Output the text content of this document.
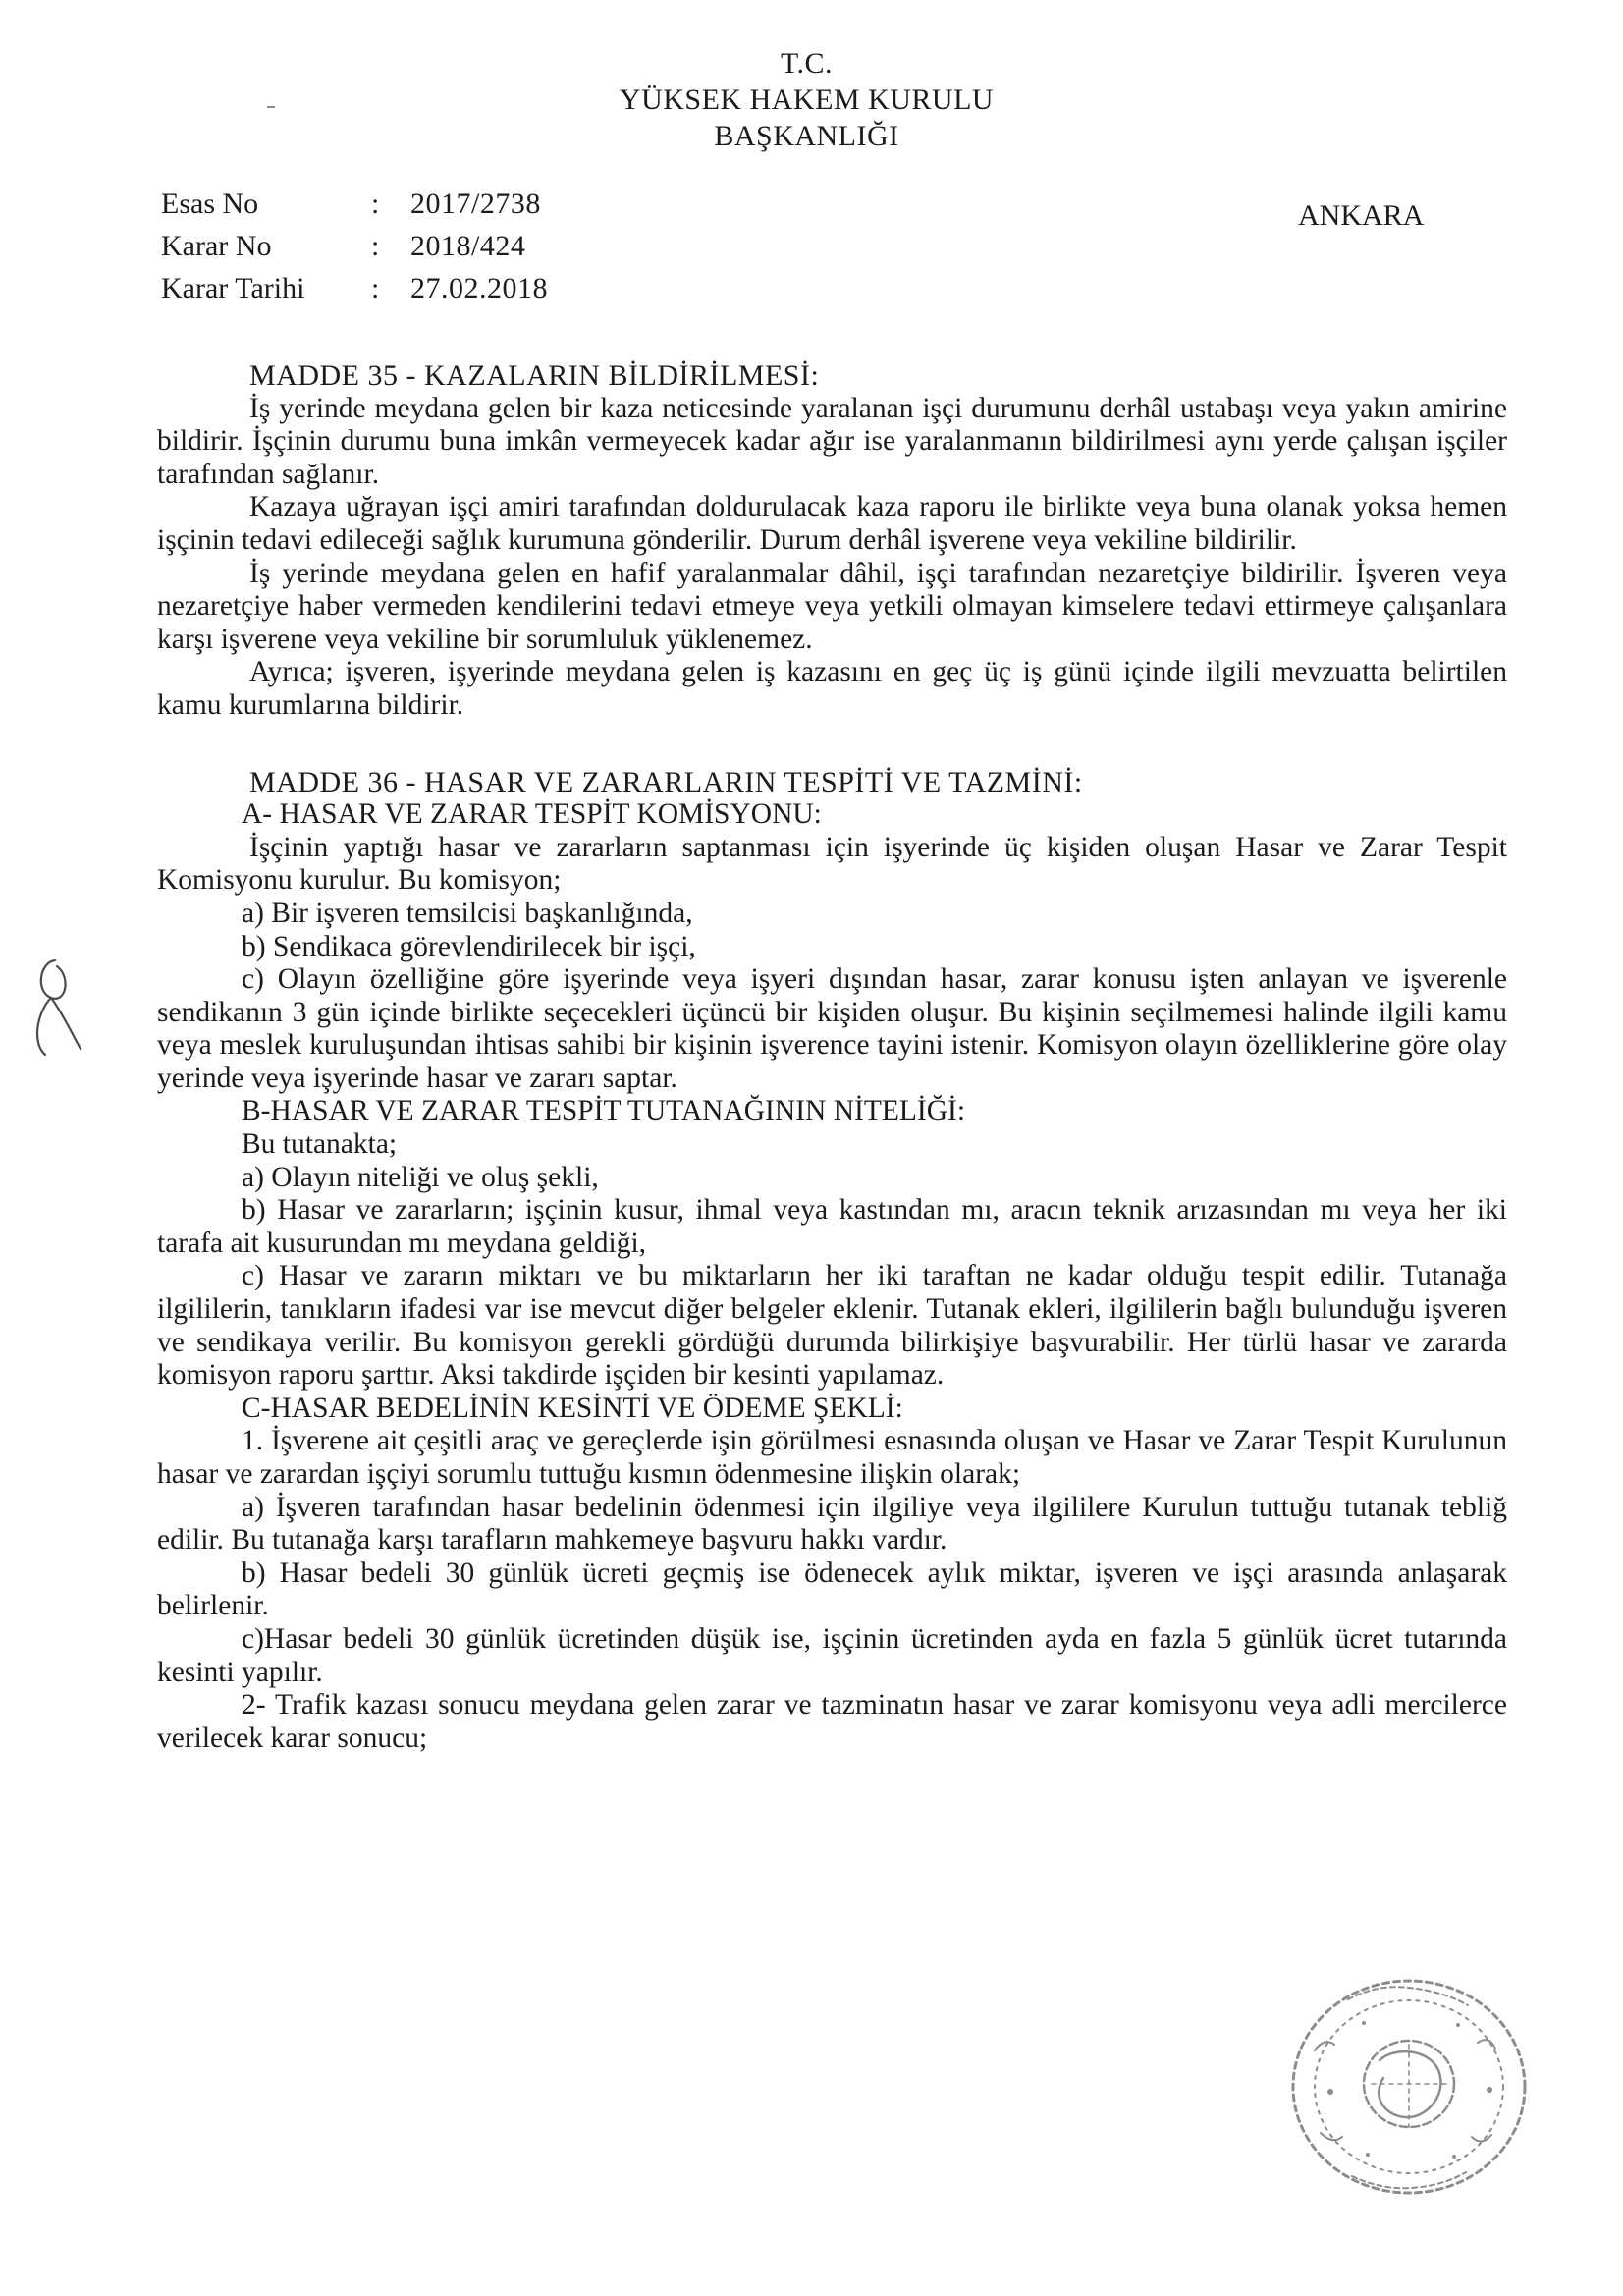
T.C.
YÜKSEK HAKEM KURULU
BAŞKANLIĞI
Esas No	:	2017/2738
Karar No	:	2018/424
Karar Tarihi	:	27.02.2018
ANKARA
MADDE 35 - KAZALARIN BİLDİRİLMESİ:

İş yerinde meydana gelen bir kaza neticesinde yaralanan işçi durumunu derhâl ustabaşı veya yakın amirine bildirir. İşçinin durumu buna imkân vermeyecek kadar ağır ise yaralanmanın bildirilmesi aynı yerde çalışan işçiler tarafından sağlanır.

Kazaya uğrayan işçi amiri tarafından doldurulacak kaza raporu ile birlikte veya buna olanak yoksa hemen işçinin tedavi edileceği sağlık kurumuna gönderilir. Durum derhâl işverene veya vekiline bildirilir.

İş yerinde meydana gelen en hafif yaralanmalar dâhil, işçi tarafından nezaretçiye bildirilir. İşveren veya nezaretçiye haber vermeden kendilerini tedavi etmeye veya yetkili olmayan kimselere tedavi ettirmeye çalışanlara karşı işverene veya vekiline bir sorumluluk yüklenemez.

Ayrıca; işveren, işyerinde meydana gelen iş kazasını en geç üç iş günü içinde ilgili mevzuatta belirtilen kamu kurumlarına bildirir.

MADDE 36 - HASAR VE ZARARLARIN TESPİTİ VE TAZMİNİ:

A- HASAR VE ZARAR TESPİT KOMİSYONU:

İşçinin yaptığı hasar ve zararların saptanması için işyerinde üç kişiden oluşan Hasar ve Zarar Tespit Komisyonu kurulur. Bu komisyon;

a) Bir işveren temsilcisi başkanlığında,

b) Sendikaca görevlendirilecek bir işçi,

c) Olayın özelliğine göre işyerinde veya işyeri dışından hasar, zarar konusu işten anlayan ve işverenle sendikanın 3 gün içinde birlikte seçecekleri üçüncü bir kişiden oluşur. Bu kişinin seçilmemesi halinde ilgili kamu veya meslek kuruluşundan ihtisas sahibi bir kişinin işverence tayini istenir. Komisyon olayın özelliklerine göre olay yerinde veya işyerinde hasar ve zararı saptar.

B-HASAR VE ZARAR TESPİT TUTANAĞININ NİTELİĞİ:

Bu tutanakta;

a) Olayın niteliği ve oluş şekli,

b) Hasar ve zararların; işçinin kusur, ihmal veya kastından mı, aracın teknik arızasından mı veya her iki tarafa ait kusurundan mı meydana geldiği,

c) Hasar ve zararın miktarı ve bu miktarların her iki taraftan ne kadar olduğu tespit edilir. Tutanağa ilgililerin, tanıkların ifadesi var ise mevcut diğer belgeler eklenir. Tutanak ekleri, ilgililerin bağlı bulunduğu işveren ve sendikaya verilir. Bu komisyon gerekli gördüğü durumda bilirkişiye başvurabilir. Her türlü hasar ve zararda komisyon raporu şarttır. Aksi takdirde işçiden bir kesinti yapılamaz.

C-HASAR BEDELİNİN KESİNTİ VE ÖDEME ŞEKLİ:

1. İşverene ait çeşitli araç ve gereçlerde işin görülmesi esnasında oluşan ve Hasar ve Zarar Tespit Kurulunun hasar ve zarardan işçiyi sorumlu tuttuğu kısmın ödenmesine ilişkin olarak;

a) İşveren tarafından hasar bedelinin ödenmesi için ilgiliye veya ilgililere Kurulun tuttuğu tutanak tebliğ edilir. Bu tutanağa karşı tarafların mahkemeye başvuru hakkı vardır.

b) Hasar bedeli 30 günlük ücreti geçmiş ise ödenecek aylık miktar, işveren ve işçi arasında anlaşarak belirlenir.

c)Hasar bedeli 30 günlük ücretinden düşük ise, işçinin ücretinden ayda en fazla 5 günlük ücret tutarında kesinti yapılır.

2- Trafik kazası sonucu meydana gelen zarar ve tazminatın hasar ve zarar komisyonu veya adli mercilerce verilecek karar sonucu;
